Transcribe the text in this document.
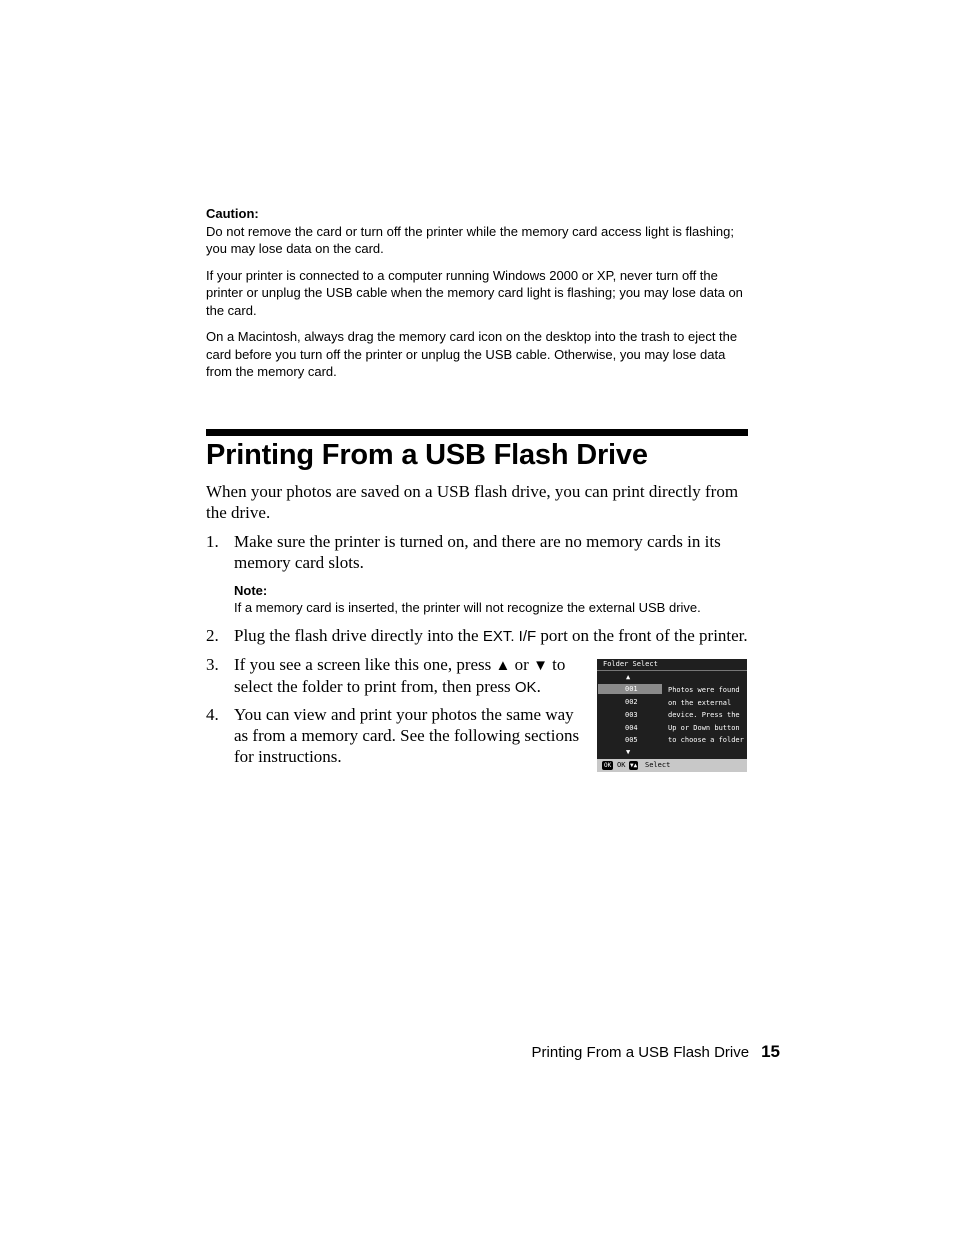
Caution:

Do not remove the card or turn off the printer while the memory card access light is flashing; you may lose data on the card.

If your printer is connected to a computer running Windows 2000 or XP, never turn off the printer or unplug the USB cable when the memory card light is flashing; you may lose data on the card.

On a Macintosh, always drag the memory card icon on the desktop into the trash to eject the card before you turn off the printer or unplug the USB cable. Otherwise, you may lose data from the memory card.

Printing From a USB Flash Drive

When your photos are saved on a USB flash drive, you can print directly from the drive.

1. Make sure the printer is turned on, and there are no memory cards in its memory card slots.
Note:
If a memory card is inserted, the printer will not recognize the external USB drive.
2. Plug the flash drive directly into the EXT. I/F port on the front of the printer.
3. If you see a screen like this one, press ▲ or ▼ to select the folder to print from, then press OK.
4. You can view and print your photos the same way as from a memory card. See the following sections for instructions.
Folder Select
▲
001
002
003
004
005
▼
Photos were found
on the external
device. Press the
Up or Down button
to choose a folder
OK OK ▼▲ Select
Printing From a USB Flash Drive 15
